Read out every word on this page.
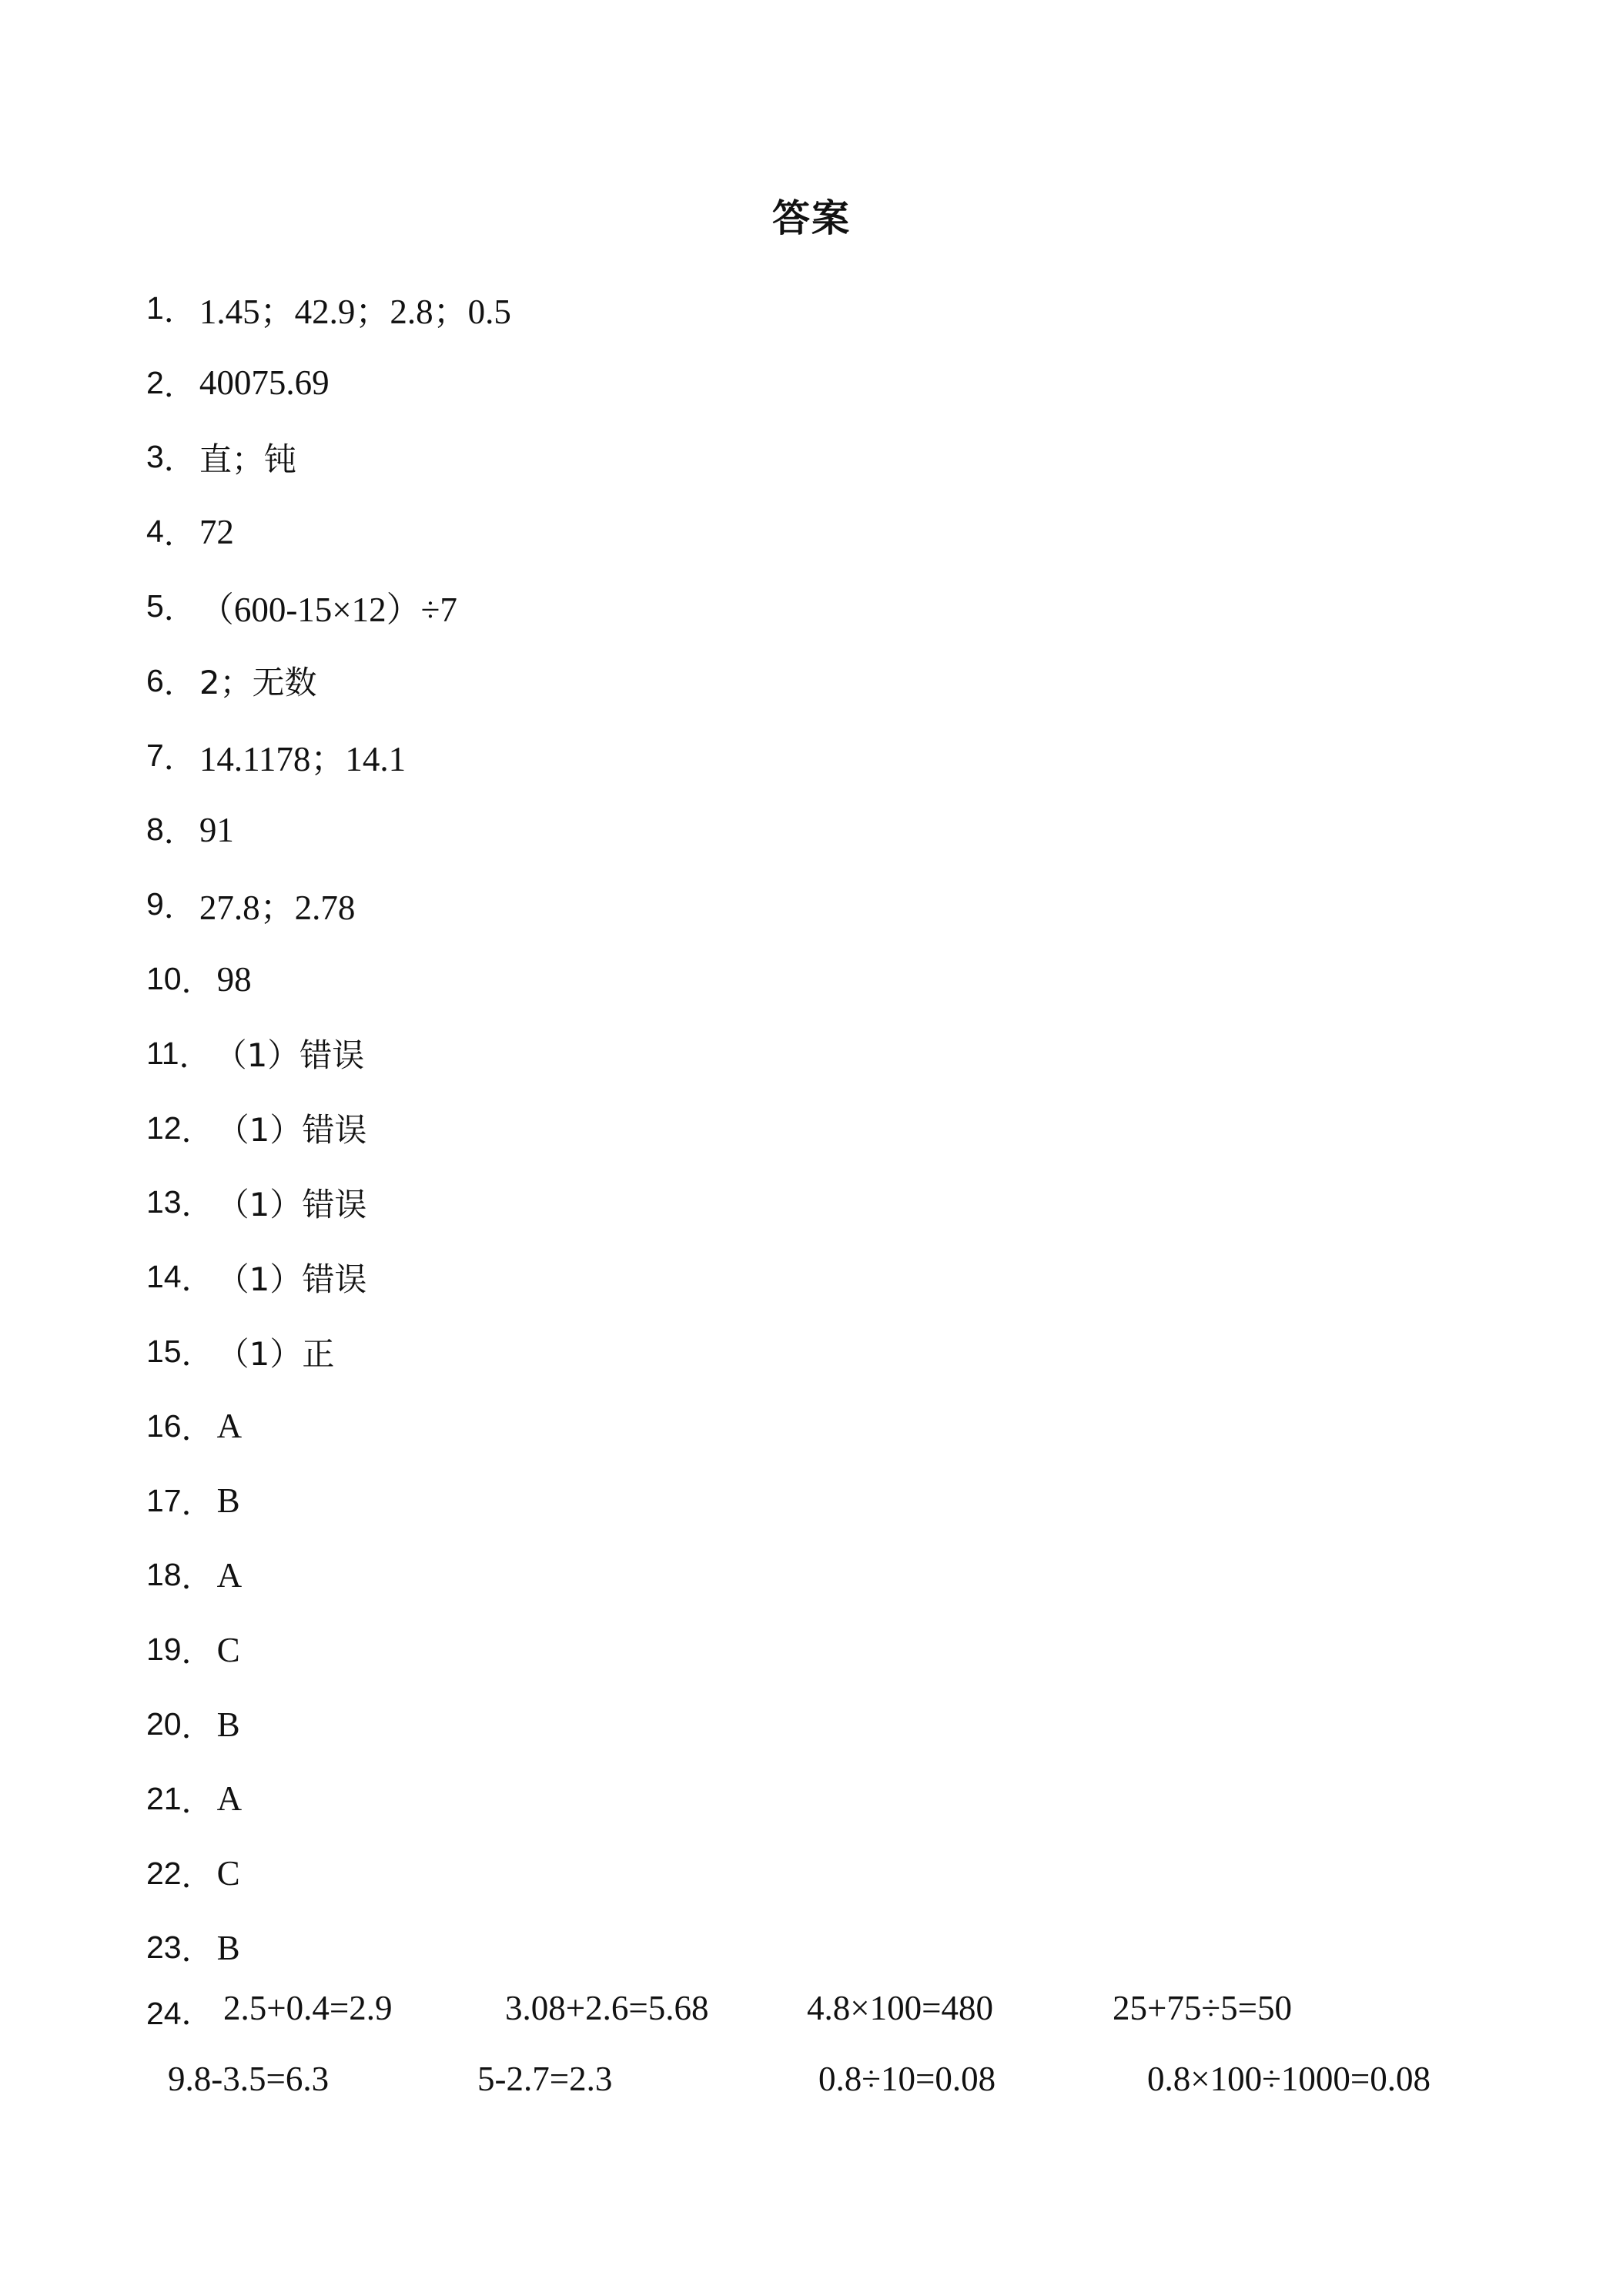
答案
1 ． 1.45；42.9；2.8；0.5
2 ． 40075.69
3 ． 直；钝
4 ． 72
5 ． （600-15×12）÷7
6 ． 2；无数
7 ． 14.1178；14.1
8 ． 91
9 ． 27.8；2.78
10 ． 98
11 ． （1）错误
12 ． （1）错误
13 ． （1）错误
14 ． （1）错误
15 ． （1）正
16 ． A
17 ． B
18 ． A
19 ． C
20 ． B
21 ． A
22 ． C
23 ． B
24． 2.5+0.4=2.9	3.08+2.6=5.68	4.8×100=480	25+75÷5=50
9.8-3.5=6.3	5-2.7=2.3	0.8÷10=0.08	0.8×100÷1000=0.08
